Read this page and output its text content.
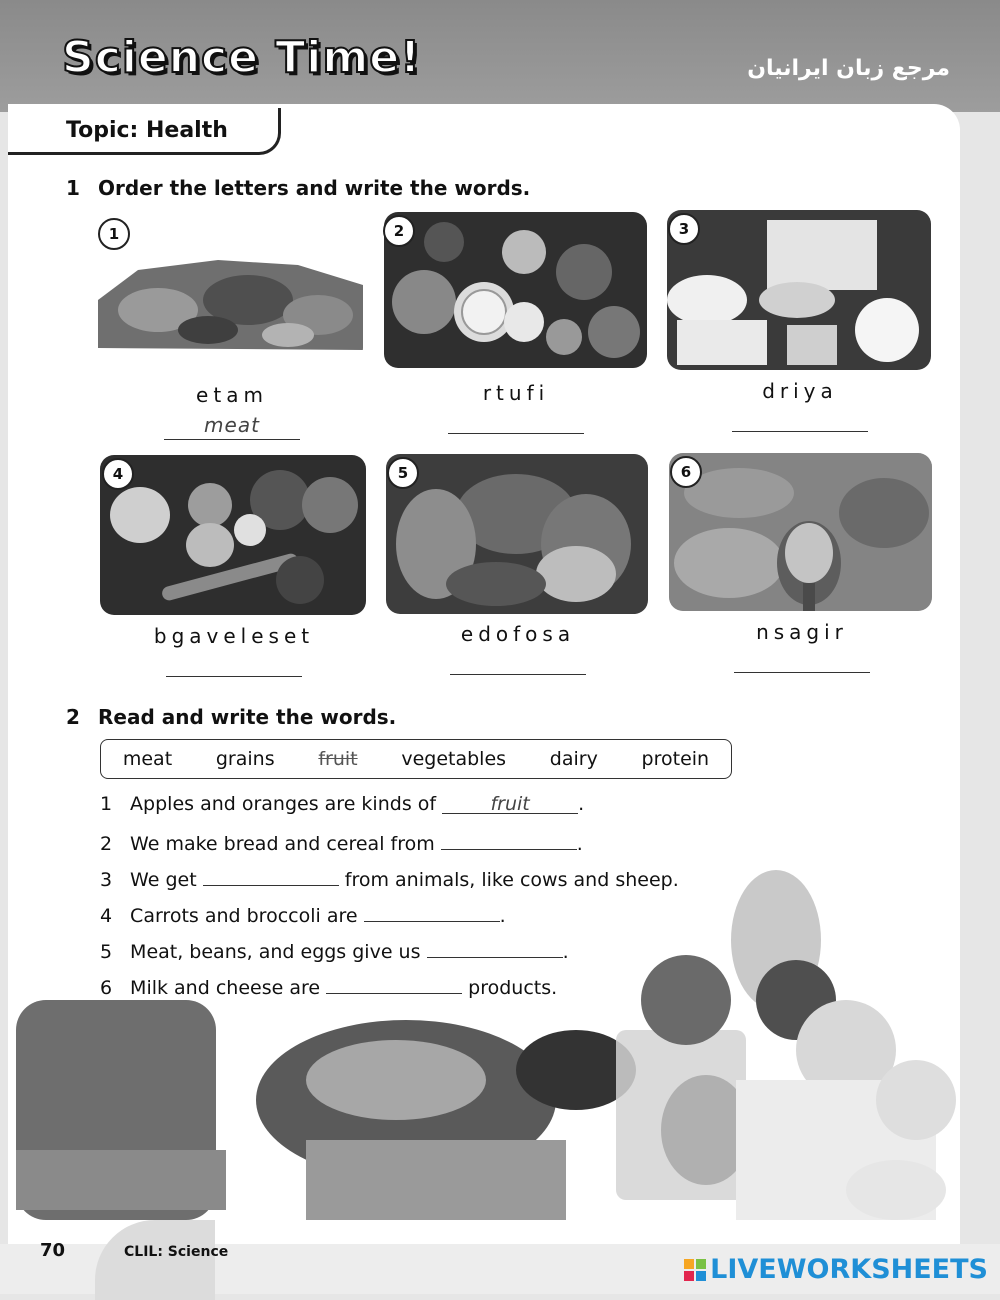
Science Time!	مرجع زبان ایرانیان
Topic: Health
1 Order the letters and write the words.
1	2	3
etam	rtufi	driya
meat
4	5	6
bgaveleset	edofosa	nsagir
2 Read and write the words.
meat grains fruit vegetables dairy protein
1 Apples and oranges are kinds of	fruit	.
2 We make bread and cereal from	.
3 We get	from animals, like cows and sheep.
4 Carrots and broccoli are	.
5 Meat, beans, and eggs give us	.
6 Milk and cheese are	products.
70	CLIL: Science
LIVEWORKSHEETS
